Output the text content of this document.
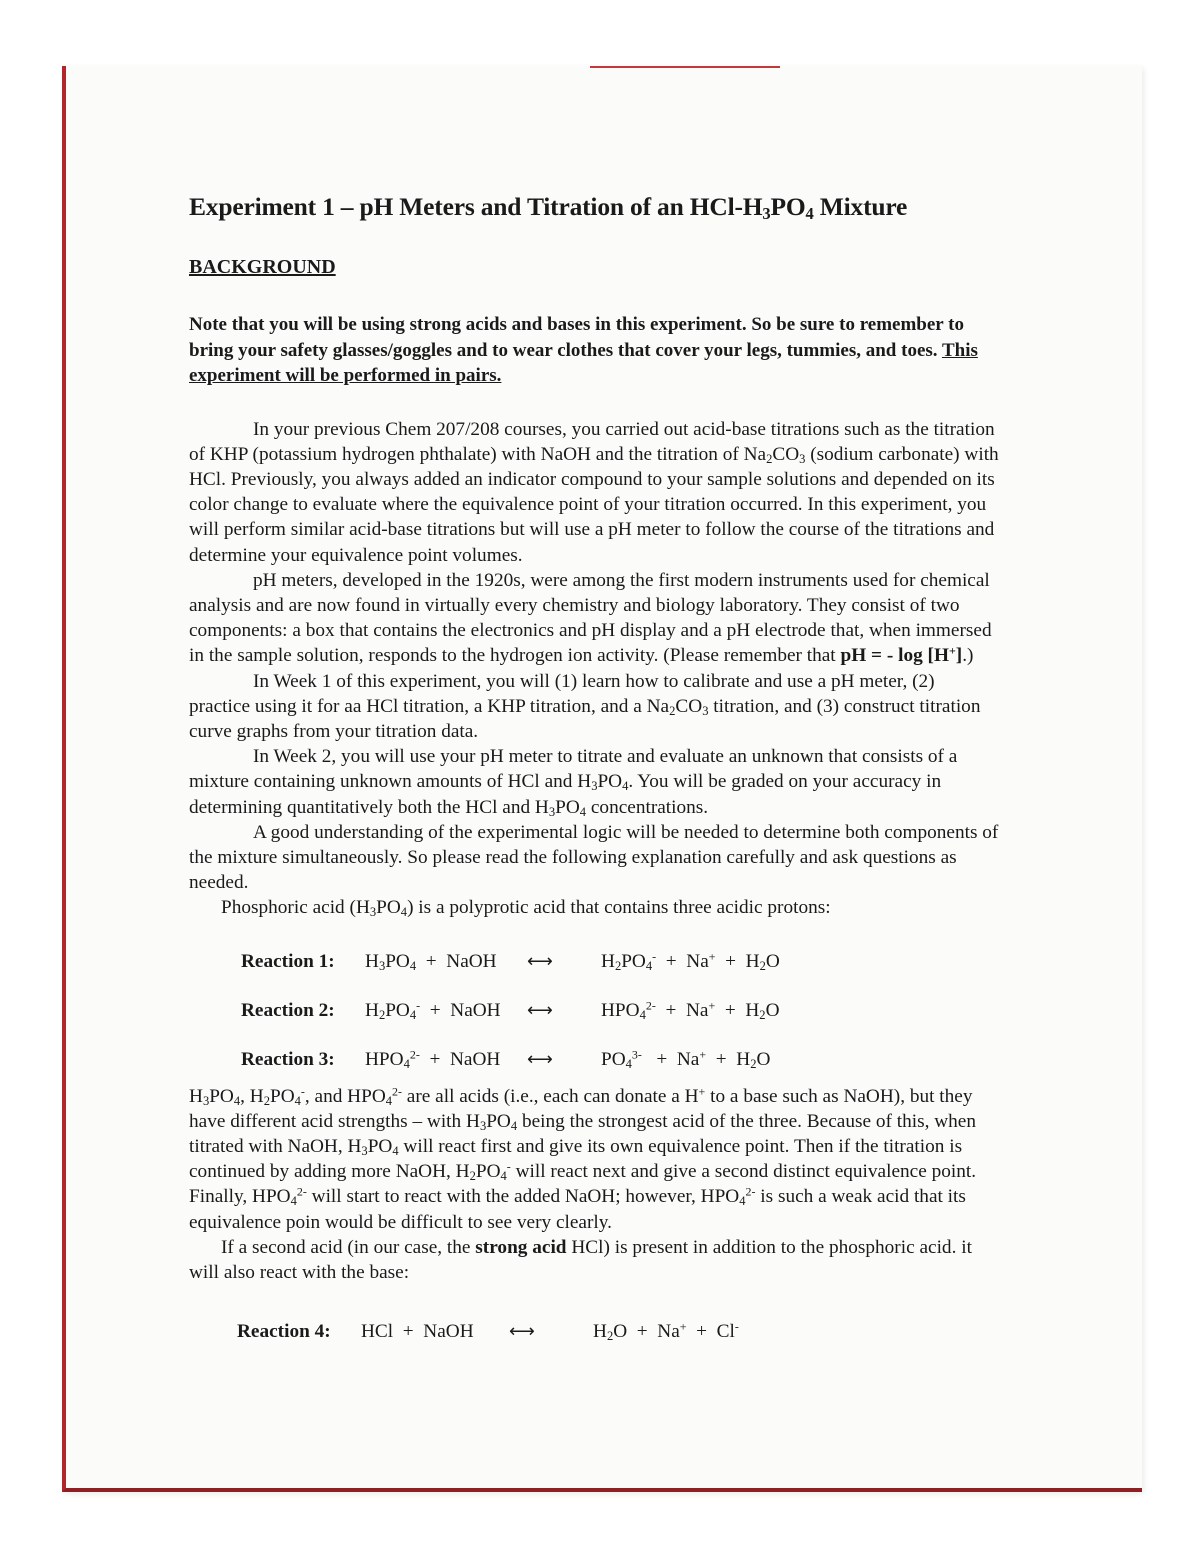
Experiment 1 – pH Meters and Titration of an HCl-$H_3PO_4$ Mixture
BACKGROUND

Note that you will be using strong acids and bases in this experiment. So be sure to remember to bring your safety glasses/goggles and to wear clothes that cover your legs, tummies, and toes. This experiment will be performed in pairs.

In your previous Chem 207/208 courses, you carried out acid-base titrations such as the titration of KHP (potassium hydrogen phthalate) with NaOH and the titration of $Na_2CO_3$ (sodium carbonate) with HCl. Previously, you always added an indicator compound to your sample solutions and depended on its color change to evaluate where the equivalence point of your titration occurred. In this experiment, you will perform similar acid-base titrations but will use a pH meter to follow the course of the titrations and determine your equivalence point volumes.

pH meters, developed in the 1920s, were among the first modern instruments used for chemical analysis and are now found in virtually every chemistry and biology laboratory. They consist of two components: a box that contains the electronics and pH display and a pH electrode that, when immersed in the sample solution, responds to the hydrogen ion activity. (Please remember that pH = - log [H+].)

In Week 1 of this experiment, you will (1) learn how to calibrate and use a pH meter, (2) practice using it for aa HCl titration, a KHP titration, and a $Na_2CO_3$ titration, and (3) construct titration curve graphs from your titration data.

In Week 2, you will use your pH meter to titrate and evaluate an unknown that consists of a mixture containing unknown amounts of HCl and $H_3PO_4$. You will be graded on your accuracy in determining quantitatively both the HCl and $H_3PO_4$ concentrations.

A good understanding of the experimental logic will be needed to determine both components of the mixture simultaneously. So please read the following explanation carefully and ask questions as needed.

Phosphoric acid $(H_3PO_4)$ is a polyprotic acid that contains three acidic protons:

Reaction 1: $H_3PO_4$  +  NaOH ⟷ $H_2PO_4^- + Na^+ + H_2O$
Reaction 2: $H_2PO_4^-$  +  NaOH ⟷ $HPO_4^{2-} + Na^+ + H_2O$
Reaction 3: $HPO_4^{2-}$  +  NaOH ⟷ $PO_4^{3-} + Na^+ + H_2O$

$H_3PO_4$, $H_2PO_4^-$, and $HPO_4^{2-}$ are all acids (i.e., each can donate a H+ to a base such as NaOH), but they have different acid strengths – with $H_3PO_4$ being the strongest acid of the three. Because of this, when titrated with NaOH, $H_3PO_4$ will react first and give its own equivalence point. Then if the titration is continued by adding more NaOH, $H_2PO_4^-$ will react next and give a second distinct equivalence point. Finally, $HPO_4^{2-}$ will start to react with the added NaOH; however, $HPO_4^{2-}$ is such a weak acid that its equivalence poin would be difficult to see very clearly.

If a second acid (in our case, the strong acid HCl) is present in addition to the phosphoric acid. it will also react with the base:

Reaction 4: HCl  +  NaOH ⟷	$H_2O + Na^+ + Cl^-$
